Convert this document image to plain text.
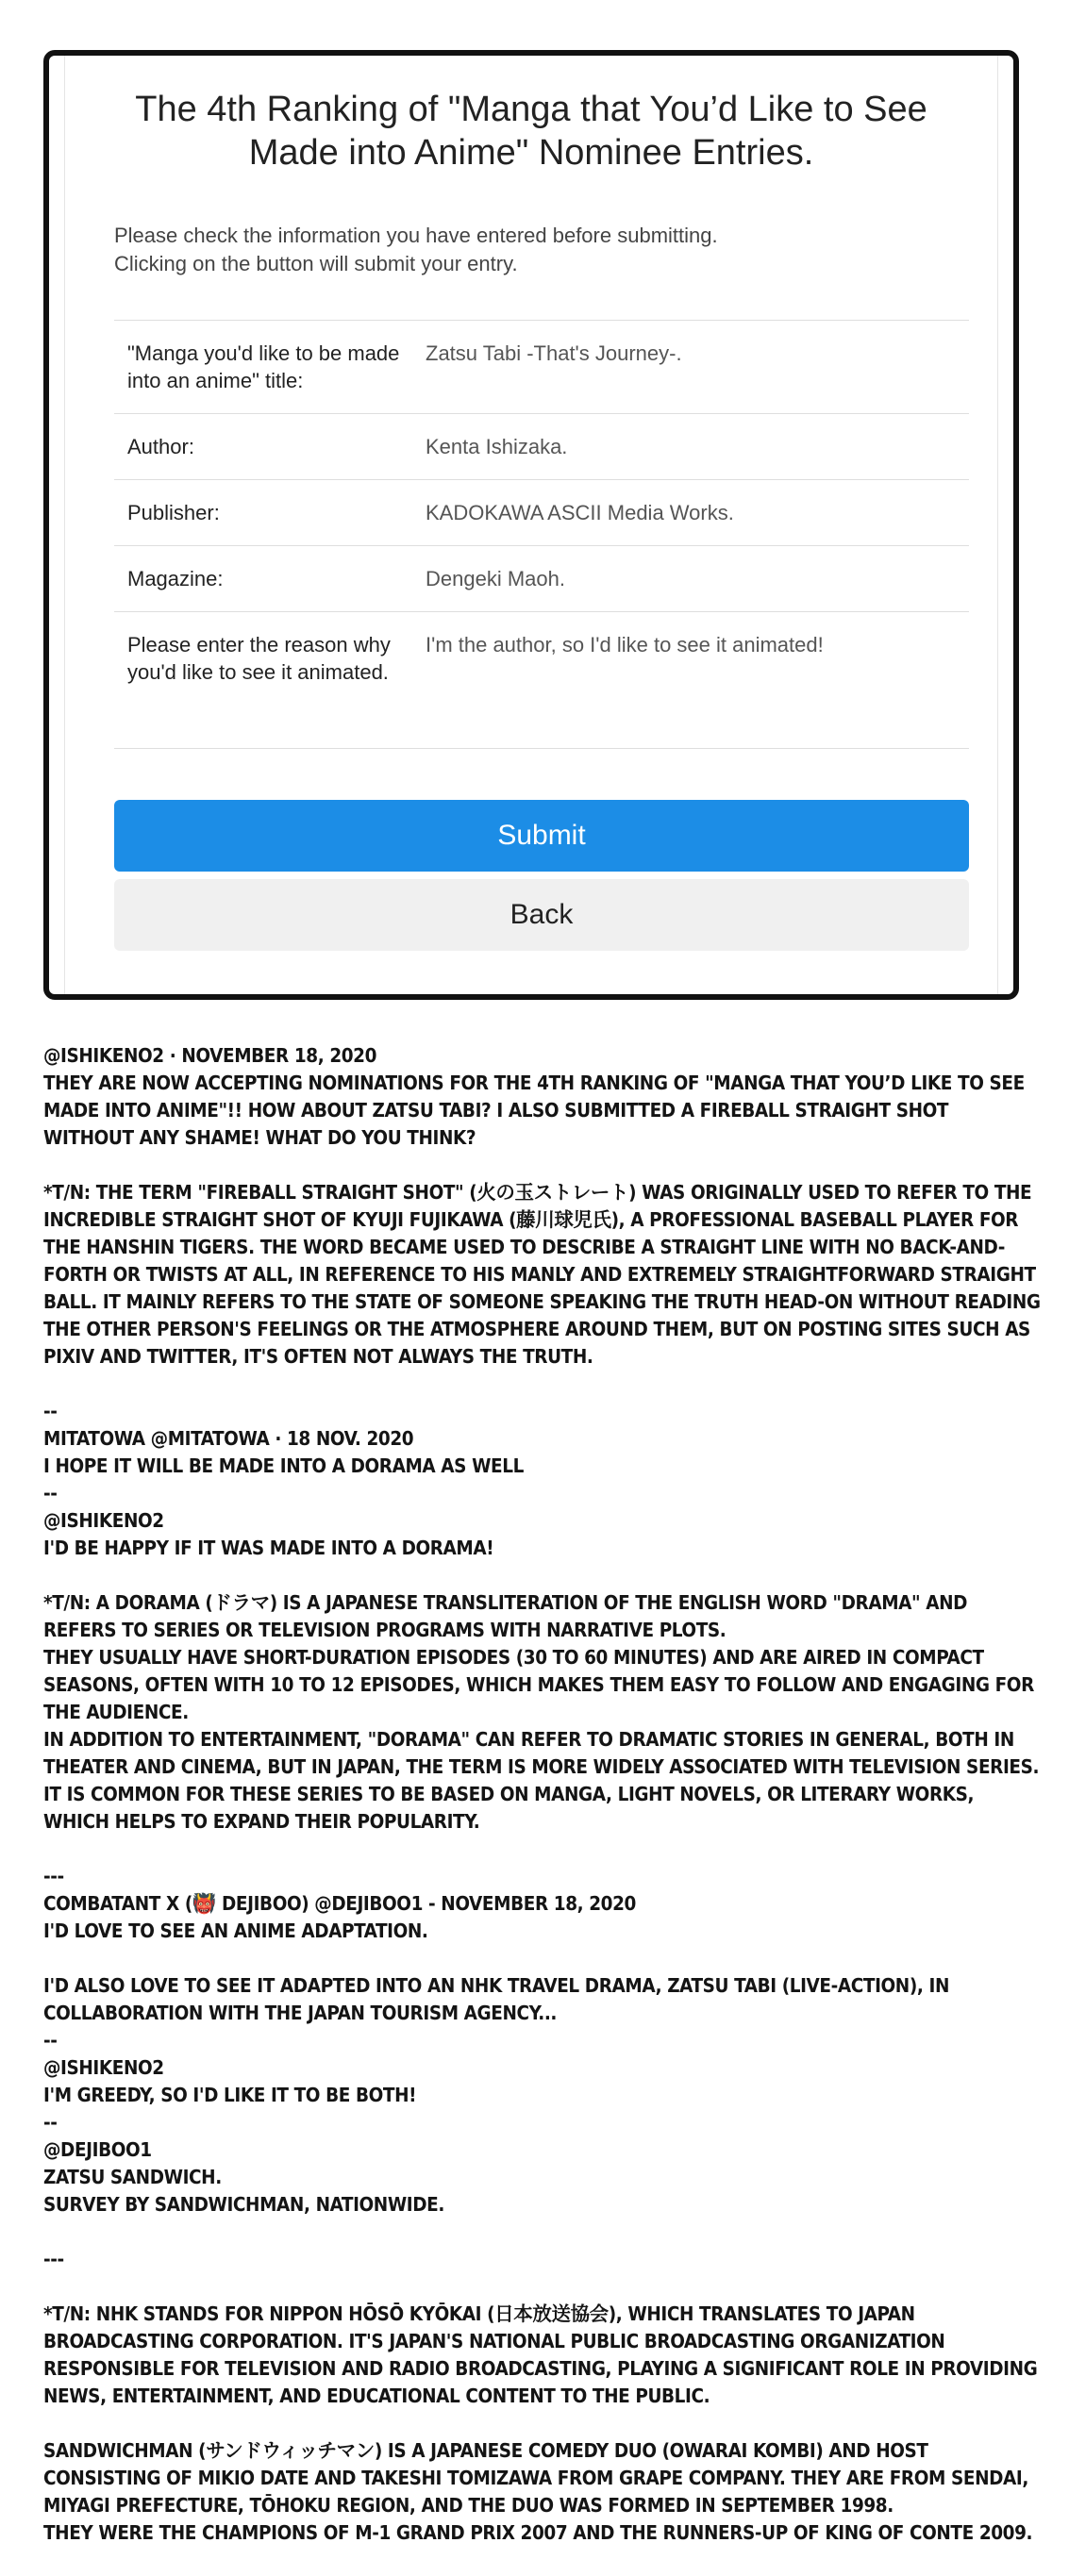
The 4th Ranking of "Manga that You’d Like to See Made into Anime" Nominee Entries.
Please check the information you have entered before submitting.
Clicking on the button will submit your entry.
"Manga you'd like to be made into an anime" title:	Zatsu Tabi -That's Journey-.
Author:	Kenta Ishizaka.
Publisher:	KADOKAWA ASCII Media Works.
Magazine:	Dengeki Maoh.
Please enter the reason why you'd like to see it animated.	I'm the author, so I'd like to see it animated!
Submit
Back
@ISHIKENO2 · NOVEMBER 18, 2020
THEY ARE NOW ACCEPTING NOMINATIONS FOR THE 4TH RANKING OF "MANGA THAT YOU’D LIKE TO SEE MADE INTO ANIME"!! HOW ABOUT ZATSU TABI? I ALSO SUBMITTED A FIREBALL STRAIGHT SHOT WITHOUT ANY SHAME! WHAT DO YOU THINK?
*T/N: THE TERM "FIREBALL STRAIGHT SHOT" (火の玉ストレート) WAS ORIGINALLY USED TO REFER TO THE INCREDIBLE STRAIGHT SHOT OF KYUJI FUJIKAWA (藤川球児氏), A PROFESSIONAL BASEBALL PLAYER FOR THE HANSHIN TIGERS. THE WORD BECAME USED TO DESCRIBE A STRAIGHT LINE WITH NO BACK-AND-FORTH OR TWISTS AT ALL, IN REFERENCE TO HIS MANLY AND EXTREMELY STRAIGHTFORWARD STRAIGHT BALL. IT MAINLY REFERS TO THE STATE OF SOMEONE SPEAKING THE TRUTH HEAD-ON WITHOUT READING THE OTHER PERSON'S FEELINGS OR THE ATMOSPHERE AROUND THEM, BUT ON POSTING SITES SUCH AS PIXIV AND TWITTER, IT'S OFTEN NOT ALWAYS THE TRUTH.
--
MITATOWA @MITATOWA · 18 NOV. 2020
I HOPE IT WILL BE MADE INTO A DORAMA AS WELL
--
@ISHIKENO2
I'D BE HAPPY IF IT WAS MADE INTO A DORAMA!
*T/N: A DORAMA (ドラマ) IS A JAPANESE TRANSLITERATION OF THE ENGLISH WORD "DRAMA" AND REFERS TO SERIES OR TELEVISION PROGRAMS WITH NARRATIVE PLOTS.
THEY USUALLY HAVE SHORT-DURATION EPISODES (30 TO 60 MINUTES) AND ARE AIRED IN COMPACT SEASONS, OFTEN WITH 10 TO 12 EPISODES, WHICH MAKES THEM EASY TO FOLLOW AND ENGAGING FOR THE AUDIENCE.
IN ADDITION TO ENTERTAINMENT, "DORAMA" CAN REFER TO DRAMATIC STORIES IN GENERAL, BOTH IN THEATER AND CINEMA, BUT IN JAPAN, THE TERM IS MORE WIDELY ASSOCIATED WITH TELEVISION SERIES. IT IS COMMON FOR THESE SERIES TO BE BASED ON MANGA, LIGHT NOVELS, OR LITERARY WORKS, WHICH HELPS TO EXPAND THEIR POPULARITY.
---
COMBATANT X (👹 DEJIBOO) @DEJIBOO1 - NOVEMBER 18, 2020
I'D LOVE TO SEE AN ANIME ADAPTATION.
I'D ALSO LOVE TO SEE IT ADAPTED INTO AN NHK TRAVEL DRAMA, ZATSU TABI (LIVE-ACTION), IN COLLABORATION WITH THE JAPAN TOURISM AGENCY...
--
@ISHIKENO2
I'M GREEDY, SO I'D LIKE IT TO BE BOTH!
--
@DEJIBOO1
ZATSU SANDWICH.
SURVEY BY SANDWICHMAN, NATIONWIDE.
---
*T/N: NHK STANDS FOR NIPPON HŌSŌ KYŌKAI (日本放送協会), WHICH TRANSLATES TO JAPAN BROADCASTING CORPORATION. IT'S JAPAN'S NATIONAL PUBLIC BROADCASTING ORGANIZATION RESPONSIBLE FOR TELEVISION AND RADIO BROADCASTING, PLAYING A SIGNIFICANT ROLE IN PROVIDING NEWS, ENTERTAINMENT, AND EDUCATIONAL CONTENT TO THE PUBLIC.
SANDWICHMAN (サンドウィッチマン) IS A JAPANESE COMEDY DUO (OWARAI KOMBI) AND HOST CONSISTING OF MIKIO DATE AND TAKESHI TOMIZAWA FROM GRAPE COMPANY. THEY ARE FROM SENDAI, MIYAGI PREFECTURE, TŌHOKU REGION, AND THE DUO WAS FORMED IN SEPTEMBER 1998.
THEY WERE THE CHAMPIONS OF M-1 GRAND PRIX 2007 AND THE RUNNERS-UP OF KING OF CONTE 2009.
